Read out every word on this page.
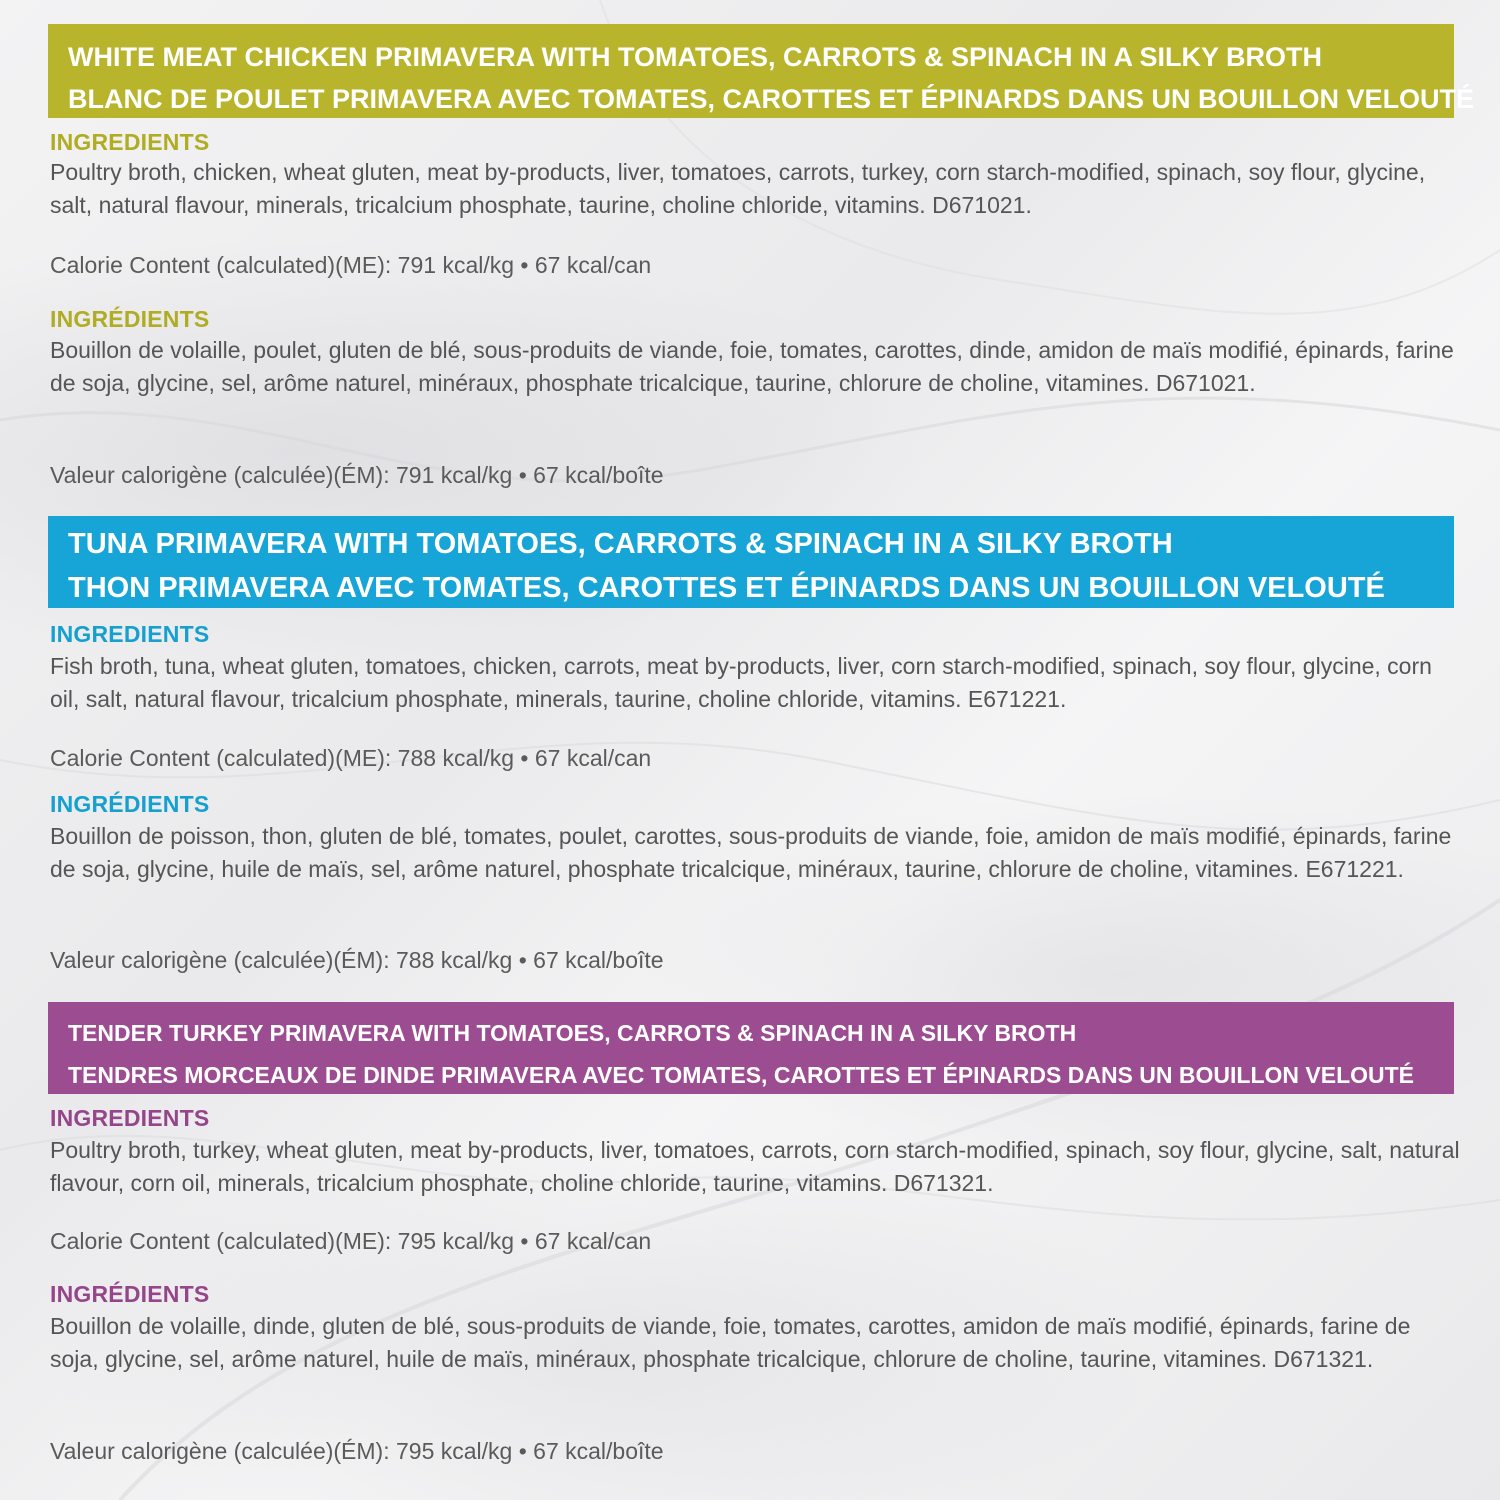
WHITE MEAT CHICKEN PRIMAVERA WITH TOMATOES, CARROTS & SPINACH IN A SILKY BROTH
BLANC DE POULET PRIMAVERA AVEC TOMATES, CAROTTES ET ÉPINARDS DANS UN BOUILLON VELOUTÉ
INGREDIENTS
Poultry broth, chicken, wheat gluten, meat by-products, liver, tomatoes, carrots, turkey, corn starch-modified, spinach, soy flour, glycine, salt, natural flavour, minerals, tricalcium phosphate, taurine, choline chloride, vitamins. D671021.
Calorie Content (calculated)(ME): 791 kcal/kg • 67 kcal/can
INGRÉDIENTS
Bouillon de volaille, poulet, gluten de blé, sous-produits de viande, foie, tomates, carottes, dinde, amidon de maïs modifié, épinards, farine de soja, glycine, sel, arôme naturel, minéraux, phosphate tricalcique, taurine, chlorure de choline, vitamines. D671021.
Valeur calorigène (calculée)(ÉM): 791 kcal/kg • 67 kcal/boîte
TUNA PRIMAVERA WITH TOMATOES, CARROTS & SPINACH IN A SILKY BROTH
THON PRIMAVERA AVEC TOMATES, CAROTTES ET ÉPINARDS DANS UN BOUILLON VELOUTÉ
INGREDIENTS
Fish broth, tuna, wheat gluten, tomatoes, chicken, carrots, meat by-products, liver, corn starch-modified, spinach, soy flour, glycine, corn oil, salt, natural flavour, tricalcium phosphate, minerals, taurine, choline chloride, vitamins. E671221.
Calorie Content (calculated)(ME): 788 kcal/kg • 67 kcal/can
INGRÉDIENTS
Bouillon de poisson, thon, gluten de blé, tomates, poulet, carottes, sous-produits de viande, foie, amidon de maïs modifié, épinards, farine de soja, glycine, huile de maïs, sel, arôme naturel, phosphate tricalcique, minéraux, taurine, chlorure de choline, vitamines. E671221.
Valeur calorigène (calculée)(ÉM): 788 kcal/kg • 67 kcal/boîte
TENDER TURKEY PRIMAVERA WITH TOMATOES, CARROTS & SPINACH IN A SILKY BROTH
TENDRES MORCEAUX DE DINDE PRIMAVERA AVEC TOMATES, CAROTTES ET ÉPINARDS DANS UN BOUILLON VELOUTÉ
INGREDIENTS
Poultry broth, turkey, wheat gluten, meat by-products, liver, tomatoes, carrots, corn starch-modified, spinach, soy flour, glycine, salt, natural flavour, corn oil, minerals, tricalcium phosphate, choline chloride, taurine, vitamins. D671321.
Calorie Content (calculated)(ME): 795 kcal/kg • 67 kcal/can
INGRÉDIENTS
Bouillon de volaille, dinde, gluten de blé, sous-produits de viande, foie, tomates, carottes, amidon de maïs modifié, épinards, farine de soja, glycine, sel, arôme naturel, huile de maïs, minéraux, phosphate tricalcique, chlorure de choline, taurine, vitamines. D671321.
Valeur calorigène (calculée)(ÉM): 795 kcal/kg • 67 kcal/boîte
